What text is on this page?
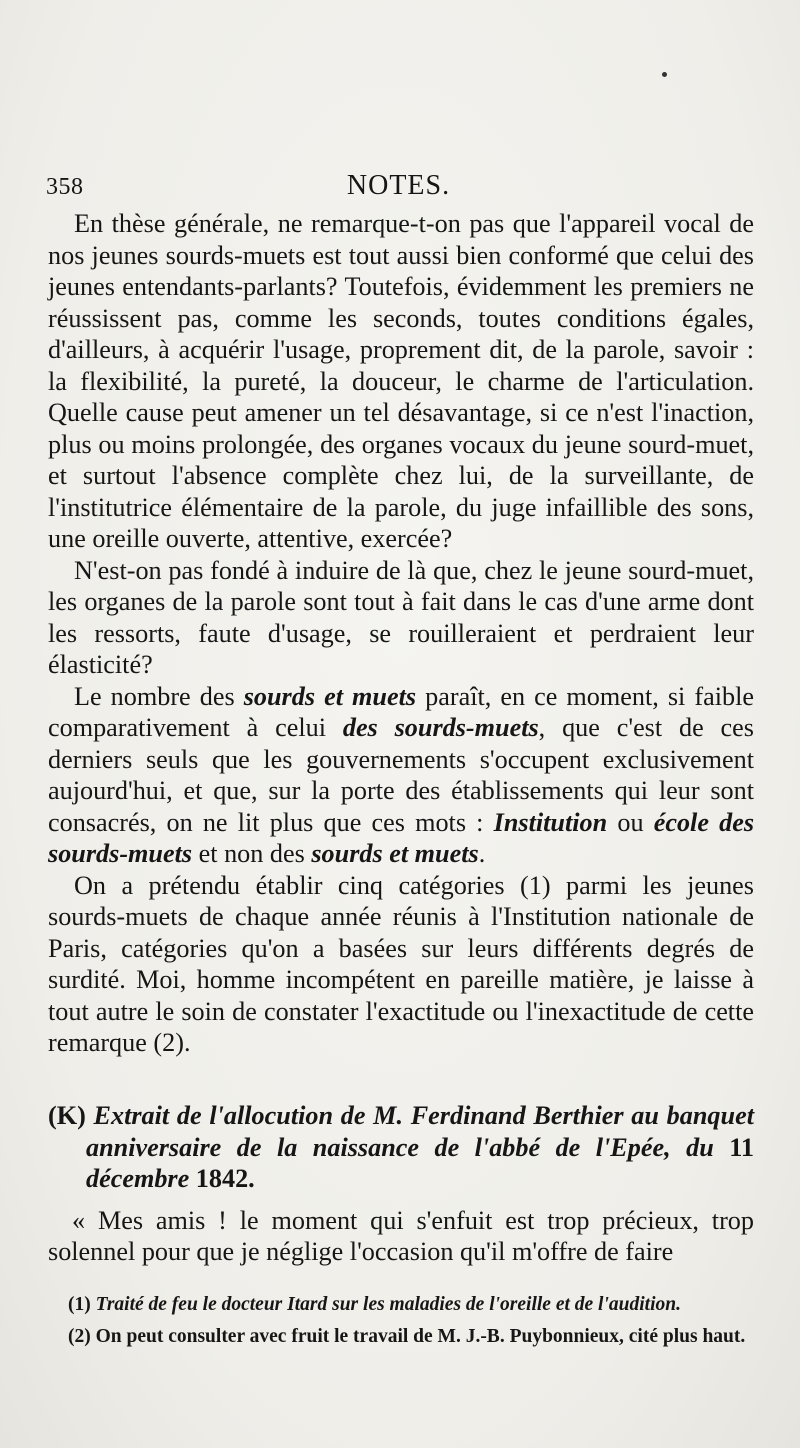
358	NOTES.

En thèse générale, ne remarque-t-on pas que l'appareil vocal de nos jeunes sourds-muets est tout aussi bien conformé que celui des jeunes entendants-parlants? Toutefois, évidemment les premiers ne réussissent pas, comme les seconds, toutes conditions égales, d'ailleurs, à acquérir l'usage, proprement dit, de la parole, savoir : la flexibilité, la pureté, la douceur, le charme de l'articulation. Quelle cause peut amener un tel désavantage, si ce n'est l'inaction, plus ou moins prolongée, des organes vocaux du jeune sourd-muet, et surtout l'absence complète chez lui, de la surveillante, de l'institutrice élémentaire de la parole, du juge infaillible des sons, une oreille ouverte, attentive, exercée?

N'est-on pas fondé à induire de là que, chez le jeune sourd-muet, les organes de la parole sont tout à fait dans le cas d'une arme dont les ressorts, faute d'usage, se rouilleraient et perdraient leur élasticité?

Le nombre des sourds et muets paraît, en ce moment, si faible comparativement à celui des sourds-muets, que c'est de ces derniers seuls que les gouvernements s'occupent exclusivement aujourd'hui, et que, sur la porte des établissements qui leur sont consacrés, on ne lit plus que ces mots : Institution ou école des sourds-muets et non des sourds et muets.

On a prétendu établir cinq catégories (1) parmi les jeunes sourds-muets de chaque année réunis à l'Institution nationale de Paris, catégories qu'on a basées sur leurs différents degrés de surdité. Moi, homme incompétent en pareille matière, je laisse à tout autre le soin de constater l'exactitude ou l'inexactitude de cette remarque (2).

(K) Extrait de l'allocution de M. Ferdinand Berthier au banquet anniversaire de la naissance de l'abbé de l'Epée, du 11 décembre 1842.

« Mes amis ! le moment qui s'enfuit est trop précieux, trop solennel pour que je néglige l'occasion qu'il m'offre de faire

(1) Traité de feu le docteur Itard sur les maladies de l'oreille et de l'audition.

(2) On peut consulter avec fruit le travail de M. J.-B. Puybonnieux, cité plus haut.
